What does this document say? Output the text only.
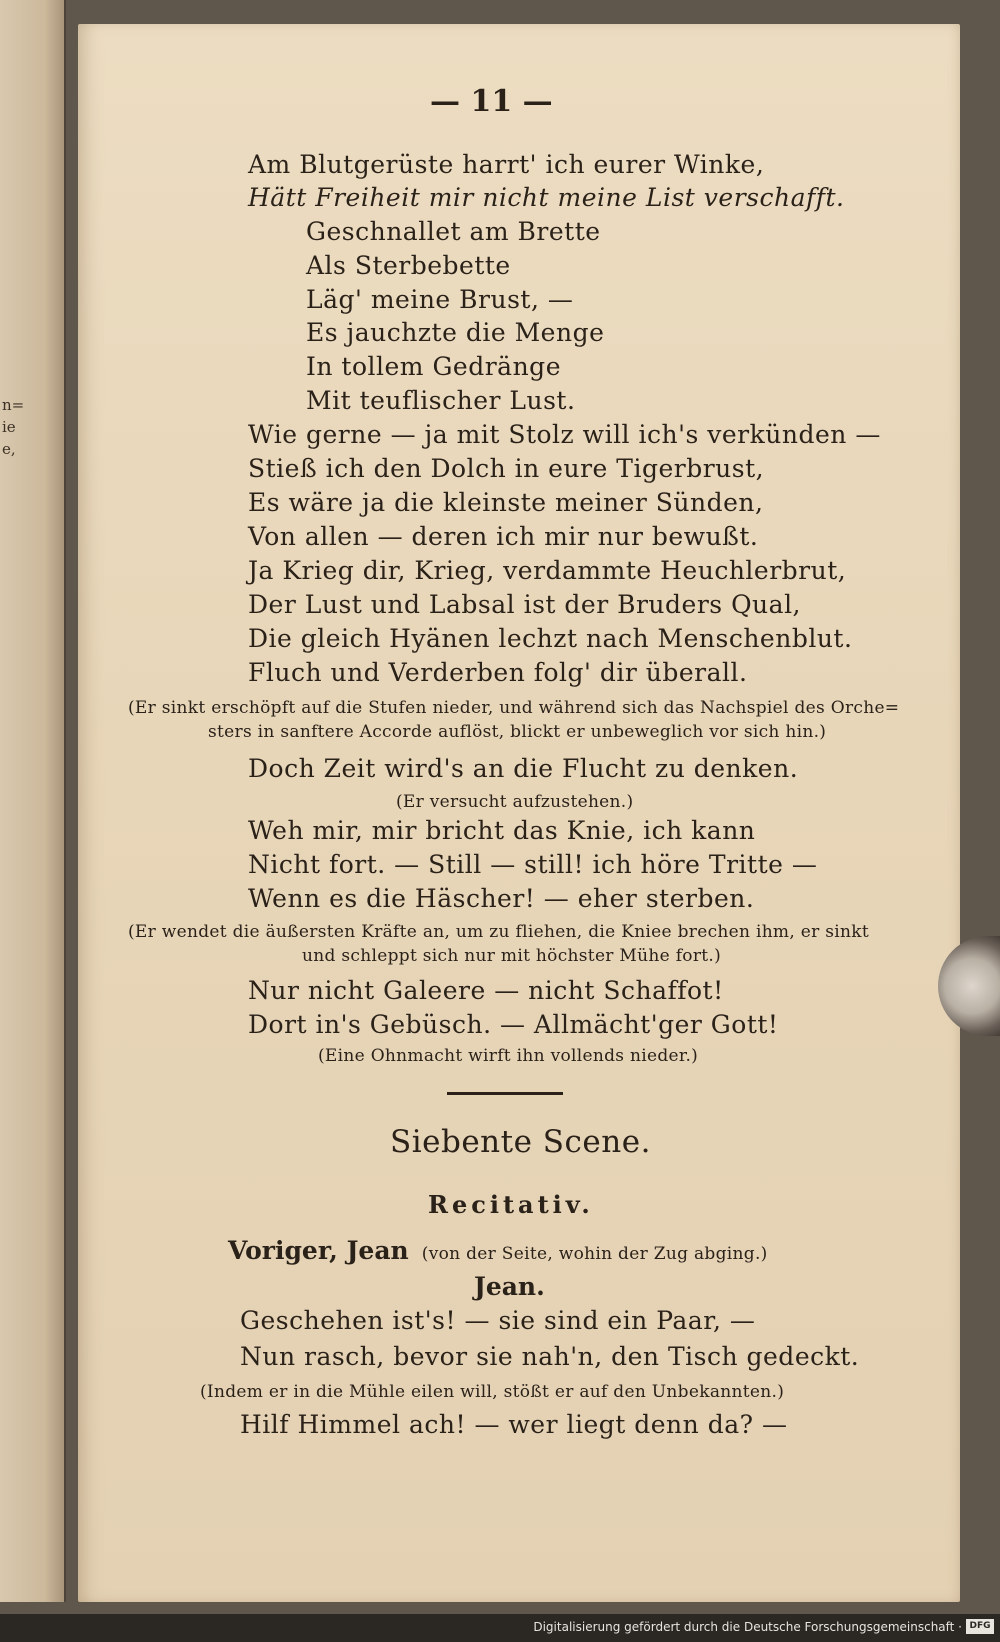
n=
ie
e,
— 11 —
Am Blutgerüste harrt' ich eurer Winke,
Hätt Freiheit mir nicht meine List verschafft.
Geschnallet am Brette
Als Sterbebette
Läg' meine Brust, —
Es jauchzte die Menge
In tollem Gedränge
Mit teuflischer Lust.
Wie gerne — ja mit Stolz will ich's verkünden —
Stieß ich den Dolch in eure Tigerbrust,
Es wäre ja die kleinste meiner Sünden,
Von allen — deren ich mir nur bewußt.
Ja Krieg dir, Krieg, verdammte Heuchlerbrut,
Der Lust und Labsal ist der Bruders Qual,
Die gleich Hyänen lechzt nach Menschenblut.
Fluch und Verderben folg' dir überall.
(Er sinkt erschöpft auf die Stufen nieder, und während sich das Nachspiel des Orche=
sters in sanftere Accorde auflöst, blickt er unbeweglich vor sich hin.)
Doch Zeit wird's an die Flucht zu denken.
(Er versucht aufzustehen.)
Weh mir, mir bricht das Knie, ich kann
Nicht fort. — Still — still! ich höre Tritte —
Wenn es die Häscher! — eher sterben.
(Er wendet die äußersten Kräfte an, um zu fliehen, die Kniee brechen ihm, er sinkt
und schleppt sich nur mit höchster Mühe fort.)
Nur nicht Galeere — nicht Schaffot!
Dort in's Gebüsch. — Allmächt'ger Gott!
(Eine Ohnmacht wirft ihn vollends nieder.)
Siebente Scene.
Recitativ.
Voriger, Jean (von der Seite, wohin der Zug abging.)
Jean.
Geschehen ist's! — sie sind ein Paar, —
Nun rasch, bevor sie nah'n, den Tisch gedeckt.
(Indem er in die Mühle eilen will, stößt er auf den Unbekannten.)
Hilf Himmel ach! — wer liegt denn da? —
Digitalisierung gefördert durch die Deutsche Forschungsgemeinschaft · DFG
